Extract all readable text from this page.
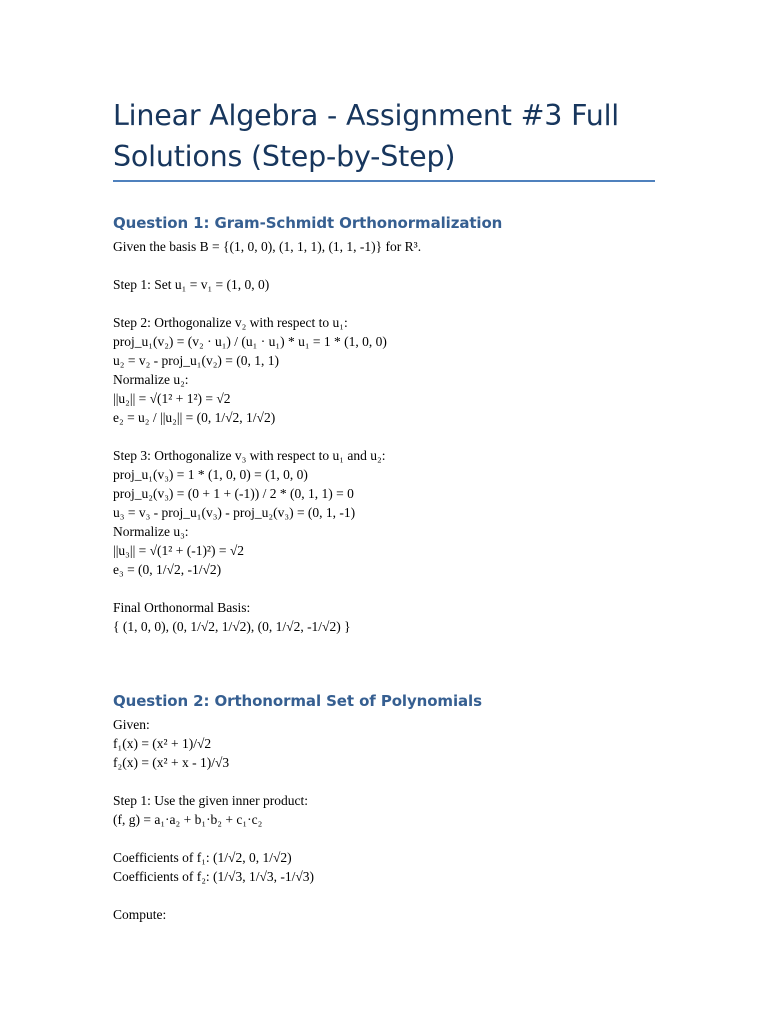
Linear Algebra - Assignment #3 Full Solutions (Step-by-Step)
Question 1: Gram-Schmidt Orthonormalization
Given the basis B = {(1, 0, 0), (1, 1, 1), (1, 1, -1)} for R³.
Step 1: Set u₁ = v₁ = (1, 0, 0)
Step 2: Orthogonalize v₂ with respect to u₁:
proj_u₁(v₂) = (v₂ · u₁) / (u₁ · u₁) * u₁ = 1 * (1, 0, 0)
u₂ = v₂ - proj_u₁(v₂) = (0, 1, 1)
Normalize u₂:
||u₂|| = √(1² + 1²) = √2
e₂ = u₂ / ||u₂|| = (0, 1/√2, 1/√2)
Step 3: Orthogonalize v₃ with respect to u₁ and u₂:
proj_u₁(v₃) = 1 * (1, 0, 0) = (1, 0, 0)
proj_u₂(v₃) = (0 + 1 + (-1)) / 2 * (0, 1, 1) = 0
u₃ = v₃ - proj_u₁(v₃) - proj_u₂(v₃) = (0, 1, -1)
Normalize u₃:
||u₃|| = √(1² + (-1)²) = √2
e₃ = (0, 1/√2, -1/√2)
Final Orthonormal Basis:
{ (1, 0, 0), (0, 1/√2, 1/√2), (0, 1/√2, -1/√2) }
Question 2: Orthonormal Set of Polynomials
Given:
f₁(x) = (x² + 1)/√2
f₂(x) = (x² + x - 1)/√3
Step 1: Use the given inner product:
(f, g) = a₁·a₂ + b₁·b₂ + c₁·c₂
Coefficients of f₁: (1/√2, 0, 1/√2)
Coefficients of f₂: (1/√3, 1/√3, -1/√3)
Compute:
